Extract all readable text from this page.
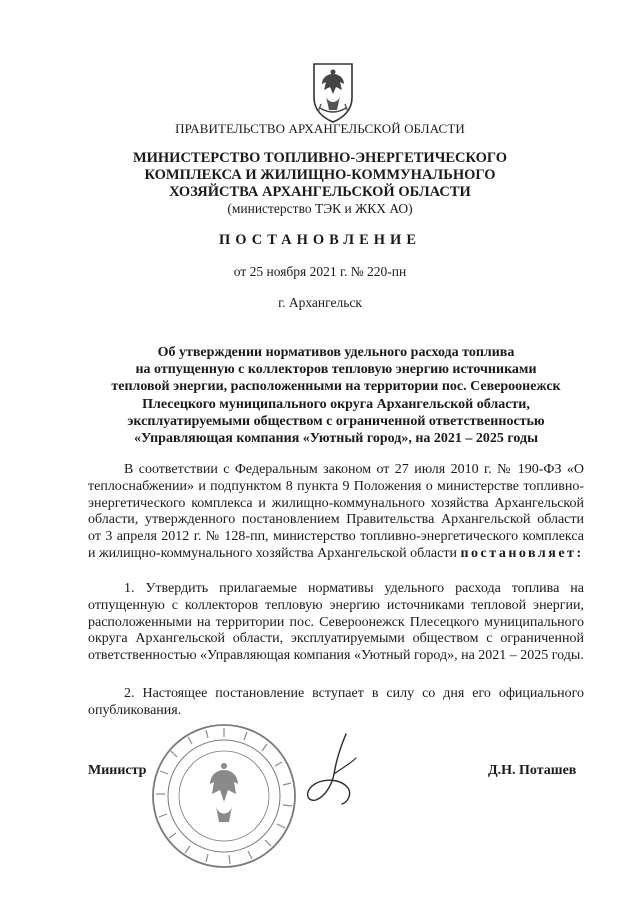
ПРАВИТЕЛЬСТВО АРХАНГЕЛЬСКОЙ ОБЛАСТИ
МИНИСТЕРСТВО ТОПЛИВНО-ЭНЕРГЕТИЧЕСКОГО
КОМПЛЕКСА И ЖИЛИЩНО-КОММУНАЛЬНОГО
ХОЗЯЙСТВА АРХАНГЕЛЬСКОЙ ОБЛАСТИ
(министерство ТЭК и ЖКХ АО)
ПОСТАНОВЛЕНИЕ
от 25 ноября 2021 г. № 220-пн
г. Архангельск
Об утверждении нормативов удельного расхода топлива
на отпущенную с коллекторов тепловую энергию источниками
тепловой энергии, расположенными на территории пос. Североонежск
Плесецкого муниципального округа Архангельской области,
эксплуатируемыми обществом с ограниченной ответственностью
«Управляющая компания «Уютный город», на 2021 – 2025 годы
В соответствии с Федеральным законом от 27 июля 2010 г. № 190-ФЗ «О теплоснабжении» и подпунктом 8 пункта 9 Положения о министерстве топливно-энергетического комплекса и жилищно-коммунального хозяйства Архангельской области, утвержденного постановлением Правительства Архангельской области от 3 апреля 2012 г. № 128-пп, министерство топливно-энергетического комплекса и жилищно-коммунального хозяйства Архангельской области постановляет:
1. Утвердить прилагаемые нормативы удельного расхода топлива на отпущенную с коллекторов тепловую энергию источниками тепловой энергии, расположенными на территории пос. Североонежск Плесецкого муниципального округа Архангельской области, эксплуатируемыми обществом с ограниченной ответственностью «Управляющая компания «Уютный город», на 2021 – 2025 годы.
2. Настоящее постановление вступает в силу со дня его официального опубликования.
Министр	Д.Н. Поташев
